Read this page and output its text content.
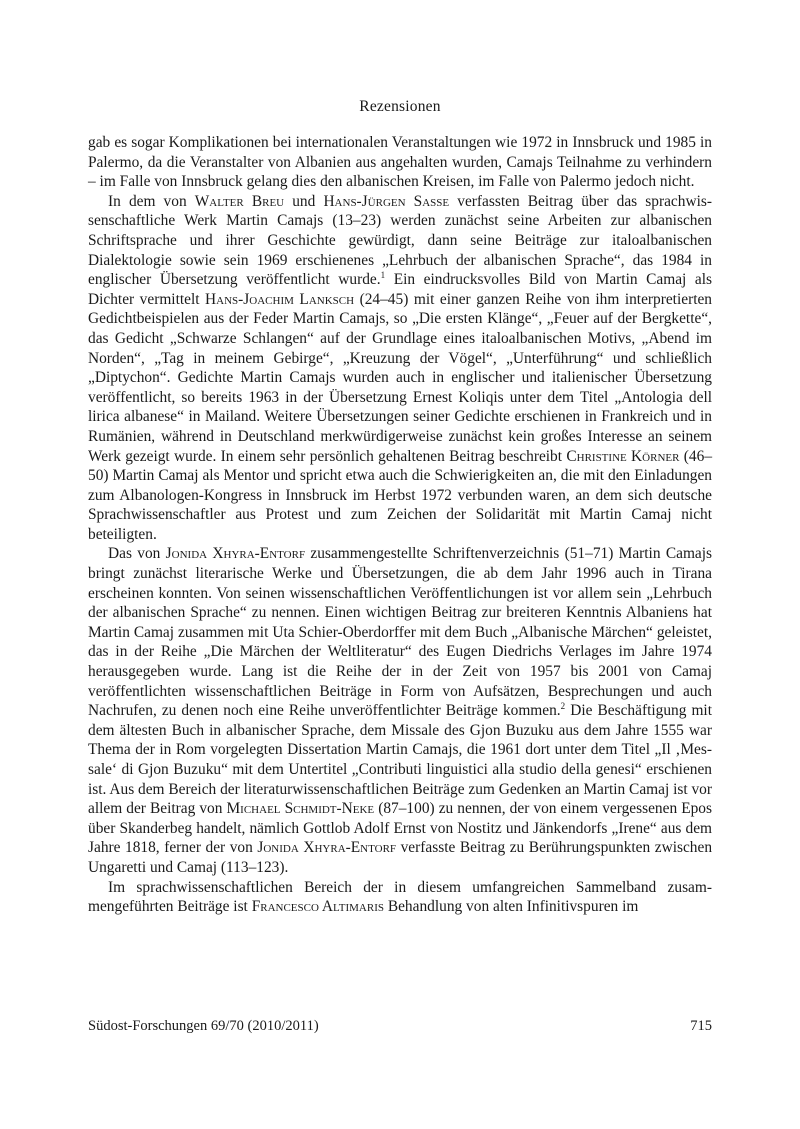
Rezensionen

gab es sogar Komplikationen bei internationalen Veranstaltungen wie 1972 in Innsbruck und 1985 in Palermo, da die Veranstalter von Albanien aus angehalten wurden, Camajs Teilnahme zu verhindern – im Falle von Innsbruck gelang dies den albanischen Kreisen, im Falle von Palermo jedoch nicht.

In dem von Walter Breu und Hans-Jürgen Sasse verfassten Beitrag über das sprachwissenschaftliche Werk Martin Camajs (13–23) werden zunächst seine Arbeiten zur albanischen Schriftsprache und ihrer Geschichte gewürdigt, dann seine Beiträge zur italoalbanischen Dialektologie sowie sein 1969 erschienenes „Lehrbuch der albanischen Sprache“, das 1984 in englischer Übersetzung veröffentlicht wurde.$^1$ Ein eindrucksvolles Bild von Martin Camaj als Dichter vermittelt Hans-Joachim Lanksch (24–45) mit einer ganzen Reihe von ihm interpretierten Gedichtbeispielen aus der Feder Martin Camajs, so „Die ersten Klänge“, „Feuer auf der Bergkette“, das Gedicht „Schwarze Schlangen“ auf der Grundlage eines italoalbanischen Motivs, „Abend im Norden“, „Tag in meinem Gebirge“, „Kreuzung der Vögel“, „Unterführung“ und schließlich „Diptychon“. Gedichte Martin Camajs wurden auch in englischer und italienischer Übersetzung veröffentlicht, so bereits 1963 in der Übersetzung Ernest Koliqis unter dem Titel „Antologia dell lirica albanese“ in Mailand. Weitere Übersetzungen seiner Gedichte erschienen in Frankreich und in Rumänien, während in Deutschland merkwürdigerweise zunächst kein großes Interesse an seinem Werk gezeigt wurde. In einem sehr persönlich gehaltenen Beitrag beschreibt Christine Körner (46–50) Martin Camaj als Mentor und spricht etwa auch die Schwierigkeiten an, die mit den Einladungen zum Albanologen-Kongress in Innsbruck im Herbst 1972 verbunden waren, an dem sich deutsche Sprachwissenschaftler aus Protest und zum Zeichen der Solidarität mit Martin Camaj nicht beteiligten.

Das von Jonida Xhyra-Entorf zusammengestellte Schriftenverzeichnis (51–71) Martin Camajs bringt zunächst literarische Werke und Übersetzungen, die ab dem Jahr 1996 auch in Tirana erscheinen konnten. Von seinen wissenschaftlichen Veröffentlichungen ist vor allem sein „Lehrbuch der albanischen Sprache“ zu nennen. Einen wichtigen Beitrag zur breiteren Kenntnis Albaniens hat Martin Camaj zusammen mit Uta Schier-Oberdorffer mit dem Buch „Albanische Märchen“ geleistet, das in der Reihe „Die Märchen der Weltliteratur“ des Eugen Diedrichs Verlages im Jahre 1974 herausgegeben wurde. Lang ist die Reihe der in der Zeit von 1957 bis 2001 von Camaj veröffentlichten wissenschaftlichen Beiträge in Form von Aufsätzen, Besprechungen und auch Nachrufen, zu denen noch eine Reihe unveröffentlichter Beiträge kommen.$^2$ Die Beschäftigung mit dem ältesten Buch in albanischer Sprache, dem Missale des Gjon Buzuku aus dem Jahre 1555 war Thema der in Rom vorgelegten Dissertation Martin Camajs, die 1961 dort unter dem Titel „Il ‚Messale‘ di Gjon Buzuku“ mit dem Untertitel „Contributi linguistici alla studio della genesi“ erschienen ist. Aus dem Bereich der literaturwissenschaftlichen Beiträge zum Gedenken an Martin Camaj ist vor allem der Beitrag von Michael Schmidt-Neke (87–100) zu nennen, der von einem vergessenen Epos über Skanderbeg handelt, nämlich Gottlob Adolf Ernst von Nostitz und Jänkendorfs „Irene“ aus dem Jahre 1818, ferner der von Jonida Xhyra-Entorf verfasste Beitrag zu Berührungspunkten zwischen Ungaretti und Camaj (113–123).

Im sprachwissenschaftlichen Bereich der in diesem umfangreichen Sammelband zusammengeführten Beiträge ist Francesco Altimaris Behandlung von alten Infinitivspuren im

Südost-Forschungen 69/70 (2010/2011)	715
